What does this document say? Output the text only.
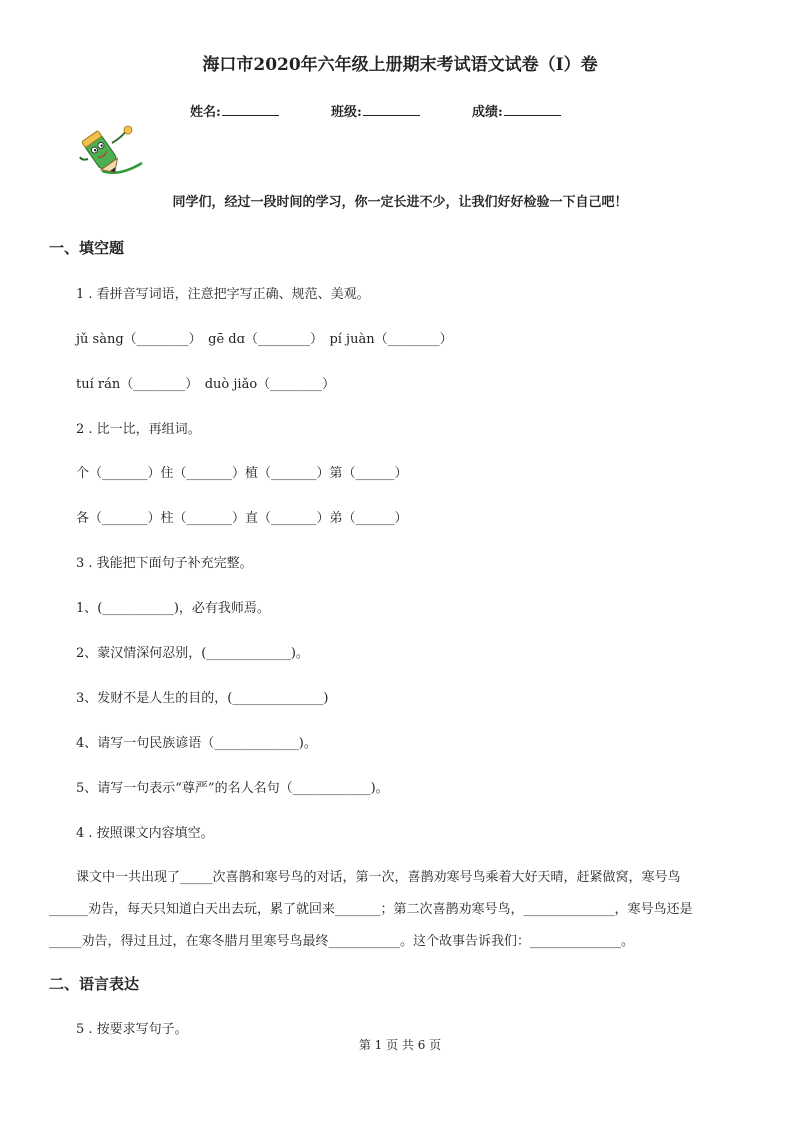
海口市2020年六年级上册期末考试语文试卷（I）卷
姓名:	班级:	成绩:
同学们，经过一段时间的学习，你一定长进不少，让我们好好检验一下自己吧！
一、填空题
1 . 看拼音写词语，注意把字写正确、规范、美观。
jǔ sàng（________）　gē dɑ（________）　pí juàn（________）
tuí rán（________）　duò jiǎo（________）
2 . 比一比，再组词。
个（_______）住（_______）植（_______）第（______）
各（_______）柱（_______）直（_______）弟（______）
3 . 我能把下面句子补充完整。
1、(___________)，必有我师焉。
2、蒙汉情深何忍别，(_____________)。
3、发财不是人生的目的，(______________)
4、请写一句民族谚语（_____________)。
5、请写一句表示“尊严”的名人名句（____________)。
4 . 按照课文内容填空。
课文中一共出现了_____次喜鹊和寒号鸟的对话，第一次，喜鹊劝寒号鸟乘着大好天晴，赶紧做窝，寒号鸟
______劝告，每天只知道白天出去玩，累了就回来_______；第二次喜鹊劝寒号鸟，______________，寒号鸟还是
_____劝告，得过且过，在寒冬腊月里寒号鸟最终___________。这个故事告诉我们：______________。
二、语言表达
5 . 按要求写句子。
第 1 页 共 6 页
